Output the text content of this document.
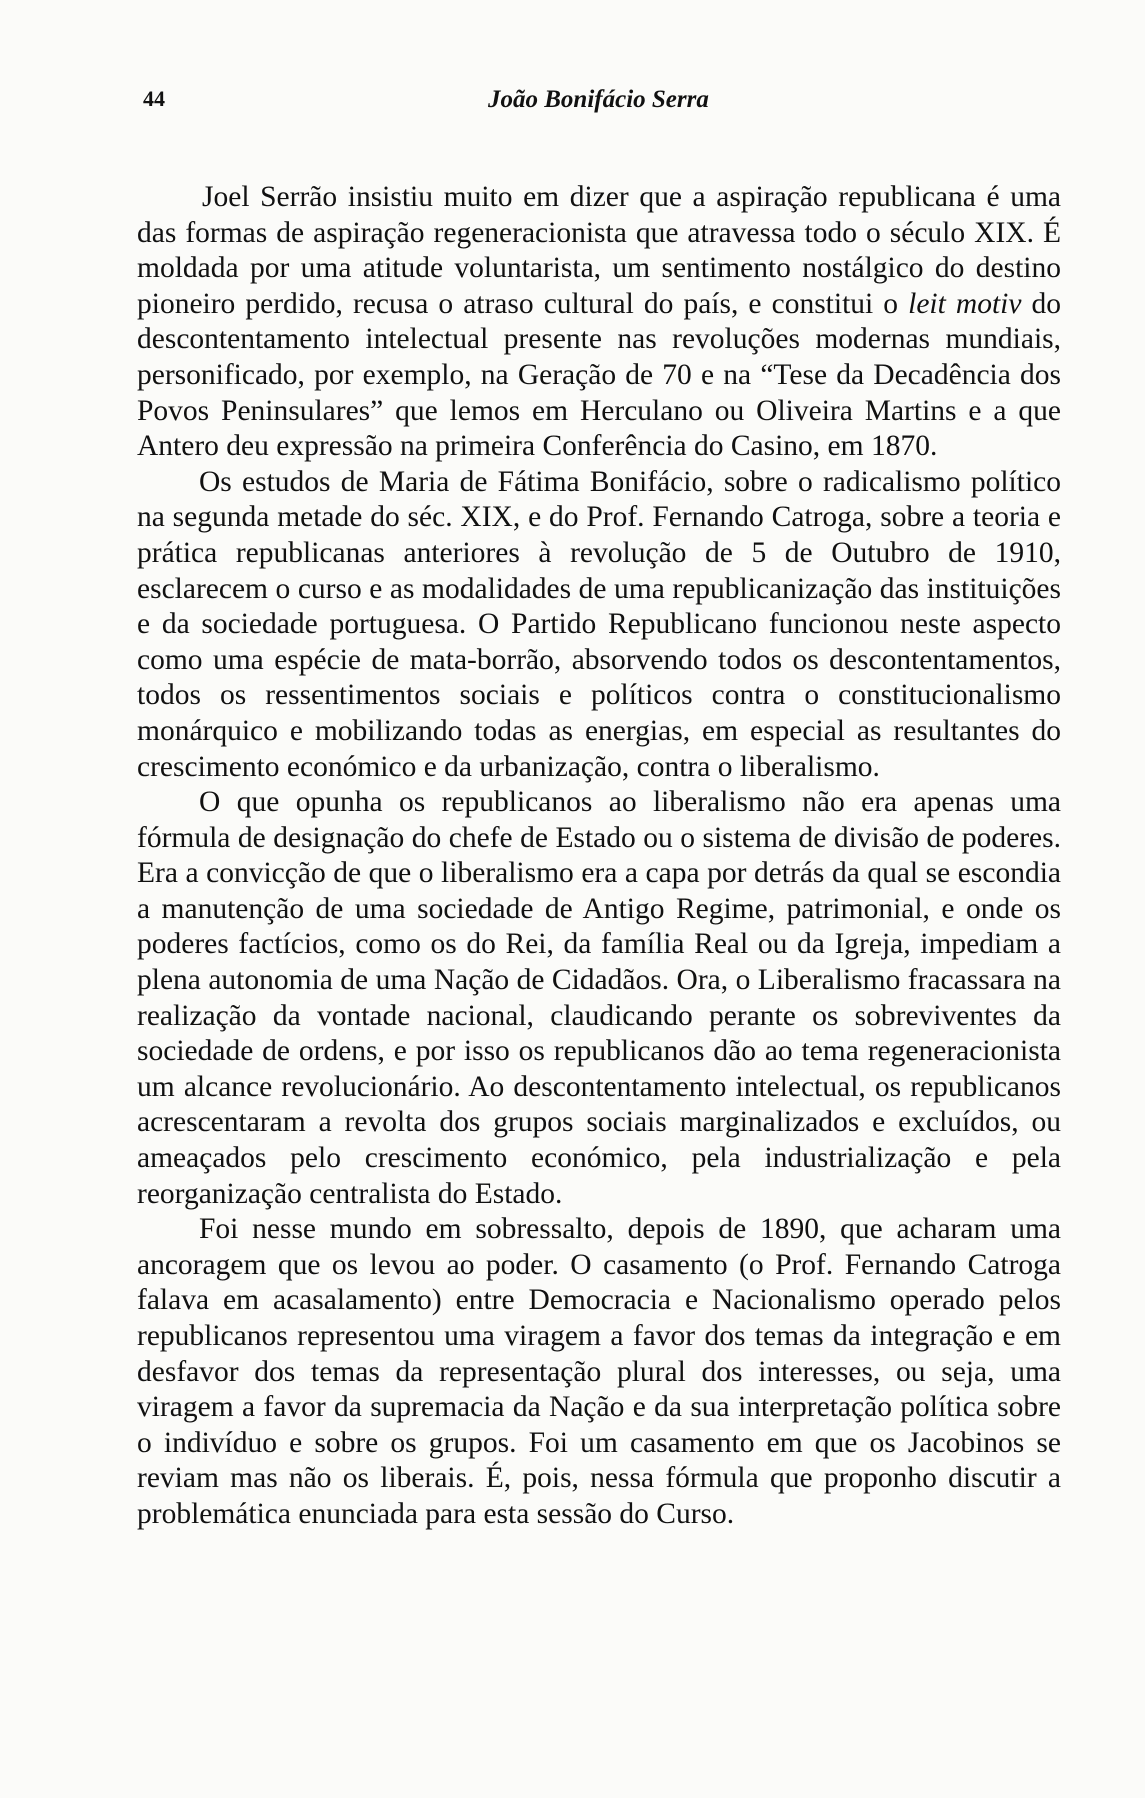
44	João Bonifácio Serra

Joel Serrão insistiu muito em dizer que a aspiração republicana é uma das formas de aspiração regeneracionista que atravessa todo o século XIX. É moldada por uma atitude voluntarista, um sentimento nostálgico do destino pioneiro perdido, recusa o atraso cultural do país, e constitui o leit motiv do descontentamento intelectual presente nas revoluções modernas mundiais, personificado, por exemplo, na Geração de 70 e na “Tese da Decadência dos Povos Peninsulares” que lemos em Herculano ou Oliveira Martins e a que Antero deu expressão na primeira Conferência do Casino, em 1870.

Os estudos de Maria de Fátima Bonifácio, sobre o radicalismo político na segunda metade do séc. XIX, e do Prof. Fernando Catroga, sobre a teoria e prática republicanas anteriores à revolução de 5 de Outubro de 1910, esclarecem o curso e as modalidades de uma republicanização das instituições e da sociedade portuguesa. O Partido Republicano funcionou neste aspecto como uma espécie de mata-borrão, absorvendo todos os descontentamentos, todos os ressentimentos sociais e políticos contra o constitucionalismo monárquico e mobilizando todas as energias, em especial as resultantes do crescimento económico e da urbanização, contra o liberalismo.

O que opunha os republicanos ao liberalismo não era apenas uma fórmula de designação do chefe de Estado ou o sistema de divisão de poderes. Era a convicção de que o liberalismo era a capa por detrás da qual se escondia a manutenção de uma sociedade de Antigo Regime, patrimonial, e onde os poderes factícios, como os do Rei, da família Real ou da Igreja, impediam a plena autonomia de uma Nação de Cidadãos. Ora, o Liberalismo fracassara na realização da vontade nacional, claudicando perante os sobreviventes da sociedade de ordens, e por isso os republicanos dão ao tema regeneracionista um alcance revolucionário. Ao descontentamento intelectual, os republicanos acrescentaram a revolta dos grupos sociais marginalizados e excluídos, ou ameaçados pelo crescimento económico, pela industrialização e pela reorganização centralista do Estado.

Foi nesse mundo em sobressalto, depois de 1890, que acharam uma ancoragem que os levou ao poder. O casamento (o Prof. Fernando Catroga falava em acasalamento) entre Democracia e Nacionalismo operado pelos republicanos representou uma viragem a favor dos temas da integração e em desfavor dos temas da representação plural dos interesses, ou seja, uma viragem a favor da supremacia da Nação e da sua interpretação política sobre o indivíduo e sobre os grupos. Foi um casamento em que os Jacobinos se reviam mas não os liberais. É, pois, nessa fórmula que proponho discutir a problemática enunciada para esta sessão do Curso.
